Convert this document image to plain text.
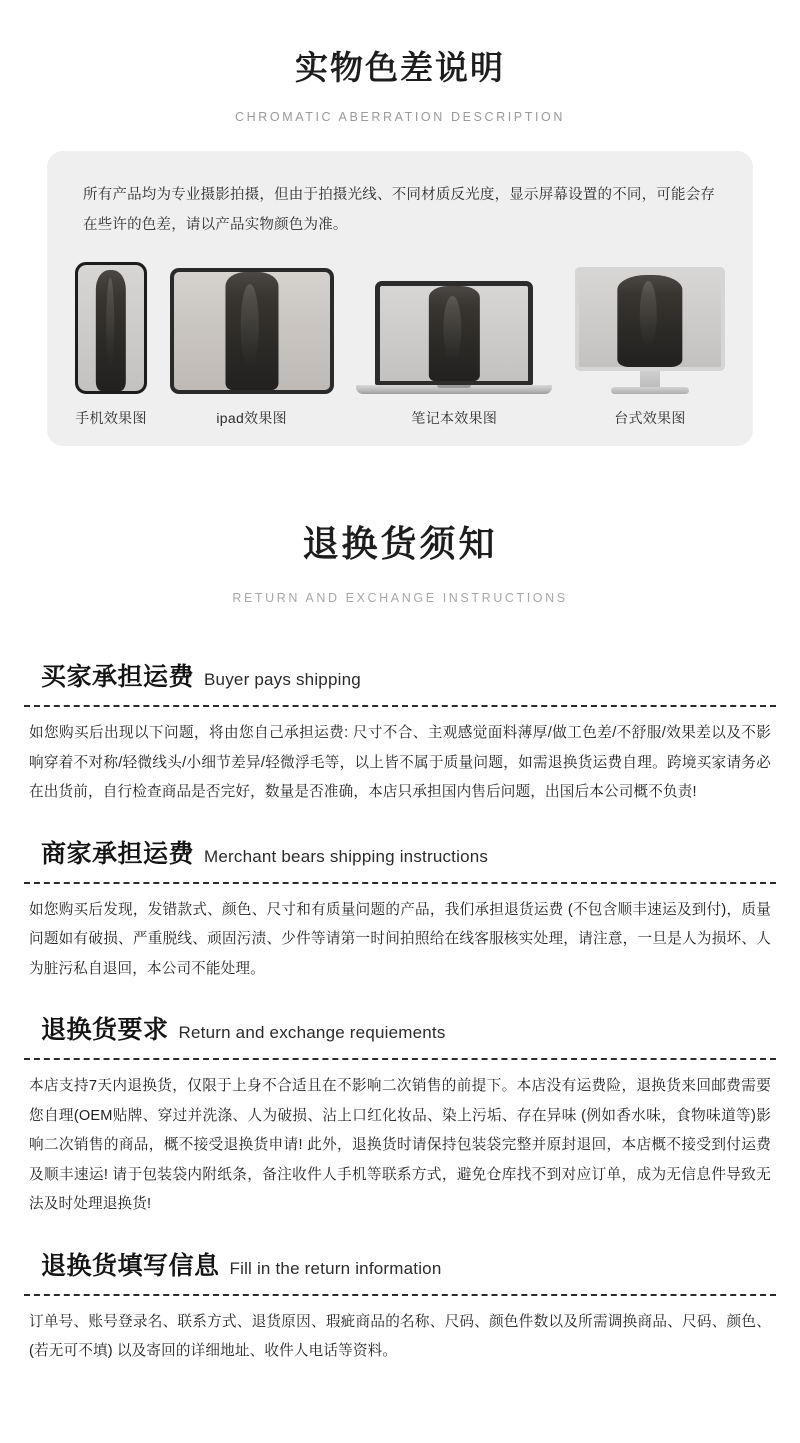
实物色差说明
CHROMATIC ABERRATION DESCRIPTION

所有产品均为专业摄影拍摄，但由于拍摄光线、不同材质反光度，显示屏幕设置的不同，可能会存在些许的色差，请以产品实物颜色为准。

手机效果图	ipad效果图	笔记本效果图	台式效果图
退换货须知
RETURN AND EXCHANGE INSTRUCTIONS
买家承担运费 Buyer pays shipping

如您购买后出现以下问题，将由您自己承担运费: 尺寸不合、主观感觉面料薄厚/做工色差/不舒服/效果差以及不影响穿着不对称/轻微线头/小细节差异/轻微浮毛等，以上皆不属于质量问题，如需退换货运费自理。跨境买家请务必在出货前，自行检查商品是否完好，数量是否准确，本店只承担国内售后问题，出国后本公司概不负责!

商家承担运费 Merchant bears shipping instructions

如您购买后发现，发错款式、颜色、尺寸和有质量问题的产品，我们承担退货运费 (不包含顺丰速运及到付)，质量问题如有破损、严重脱线、顽固污渍、少件等请第一时间拍照给在线客服核实处理，请注意，一旦是人为损坏、人为脏污私自退回，本公司不能处理。

退换货要求 Return and exchange requiements

本店支持7天内退换货，仅限于上身不合适且在不影响二次销售的前提下。本店没有运费险，退换货来回邮费需要您自理(OEM贴牌、穿过并洗涤、人为破损、沾上口红化妆品、染上污垢、存在异味 (例如香水味，食物味道等)影响二次销售的商品，概不接受退换货申请! 此外，退换货时请保持包装袋完整并原封退回，本店概不接受到付运费及顺丰速运! 请于包装袋内附纸条，备注收件人手机等联系方式，避免仓库找不到对应订单，成为无信息件导致无法及时处理退换货!

退换货填写信息 Fill in the return information

订单号、账号登录名、联系方式、退货原因、瑕疵商品的名称、尺码、颜色件数以及所需调换商品、尺码、颜色、(若无可不填) 以及寄回的详细地址、收件人电话等资料。
